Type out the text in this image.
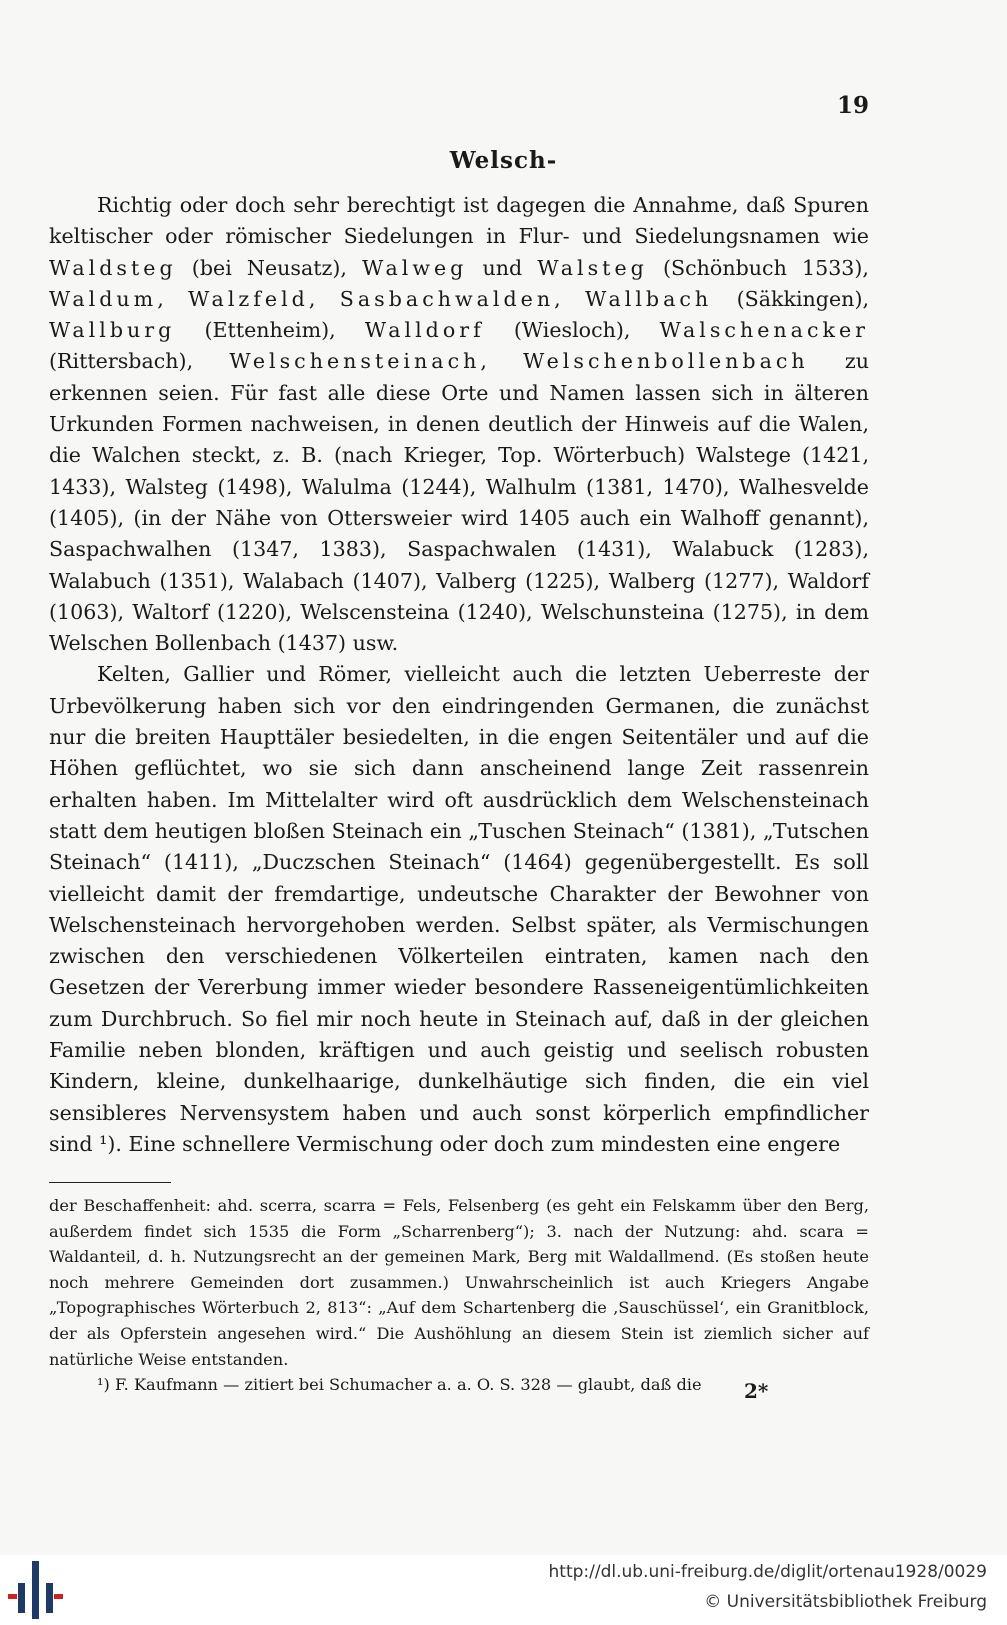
19
Welsch-

Richtig oder doch sehr berechtigt ist dagegen die Annahme, daß Spuren keltischer oder römischer Siedelungen in Flur- und Siedelungsnamen wie Waldsteg (bei Neusatz), Walweg und Walsteg (Schönbuch 1533), Waldum, Walzfeld, Sasbachwalden, Wallbach (Säkkingen), Wallburg (Ettenheim), Walldorf (Wiesloch), Walschenacker (Rittersbach), Welschensteinach, Welschenbollenbach zu erkennen seien. Für fast alle diese Orte und Namen lassen sich in älteren Urkunden Formen nachweisen, in denen deutlich der Hinweis auf die Walen, die Walchen steckt, z. B. (nach Krieger, Top. Wörterbuch) Walstege (1421, 1433), Walsteg (1498), Walulma (1244), Walhulm (1381, 1470), Walhesvelde (1405), (in der Nähe von Ottersweier wird 1405 auch ein Walhoff genannt), Saspachwalhen (1347, 1383), Saspachwalen (1431), Walabuck (1283), Walabuch (1351), Walabach (1407), Valberg (1225), Walberg (1277), Waldorf (1063), Waltorf (1220), Welscensteina (1240), Welschunsteina (1275), in dem Welschen Bollenbach (1437) usw.

Kelten, Gallier und Römer, vielleicht auch die letzten Ueberreste der Urbevölkerung haben sich vor den eindringenden Germanen, die zunächst nur die breiten Haupttäler besiedelten, in die engen Seitentäler und auf die Höhen geflüchtet, wo sie sich dann anscheinend lange Zeit rassenrein erhalten haben. Im Mittelalter wird oft ausdrücklich dem Welschensteinach statt dem heutigen bloßen Steinach ein „Tuschen Steinach“ (1381), „Tutschen Steinach“ (1411), „Duczschen Steinach“ (1464) gegenübergestellt. Es soll vielleicht damit der fremdartige, undeutsche Charakter der Bewohner von Welschensteinach hervorgehoben werden. Selbst später, als Vermischungen zwischen den verschiedenen Völkerteilen eintraten, kamen nach den Gesetzen der Vererbung immer wieder besondere Rasseneigentümlichkeiten zum Durchbruch. So fiel mir noch heute in Steinach auf, daß in der gleichen Familie neben blonden, kräftigen und auch geistig und seelisch robusten Kindern, kleine, dunkelhaarige, dunkelhäutige sich finden, die ein viel sensibleres Nervensystem haben und auch sonst körperlich empfindlicher sind ¹). Eine schnellere Vermischung oder doch zum mindesten eine engere

der Beschaffenheit: ahd. scerra, scarra = Fels, Felsenberg (es geht ein Felskamm über den Berg, außerdem findet sich 1535 die Form „Scharrenberg“); 3. nach der Nutzung: ahd. scara = Waldanteil, d. h. Nutzungsrecht an der gemeinen Mark, Berg mit Waldallmend. (Es stoßen heute noch mehrere Gemeinden dort zusammen.) Unwahrscheinlich ist auch Kriegers Angabe „Topographisches Wörterbuch 2, 813“: „Auf dem Schartenberg die ‚Sauschüssel‘, ein Granitblock, der als Opferstein angesehen wird.“ Die Aushöhlung an diesem Stein ist ziemlich sicher auf natürliche Weise entstanden.

¹) F. Kaufmann — zitiert bei Schumacher a. a. O. S. 328 — glaubt, daß die	2*
http://dl.ub.uni-freiburg.de/diglit/ortenau1928/0029
© Universitätsbibliothek Freiburg
